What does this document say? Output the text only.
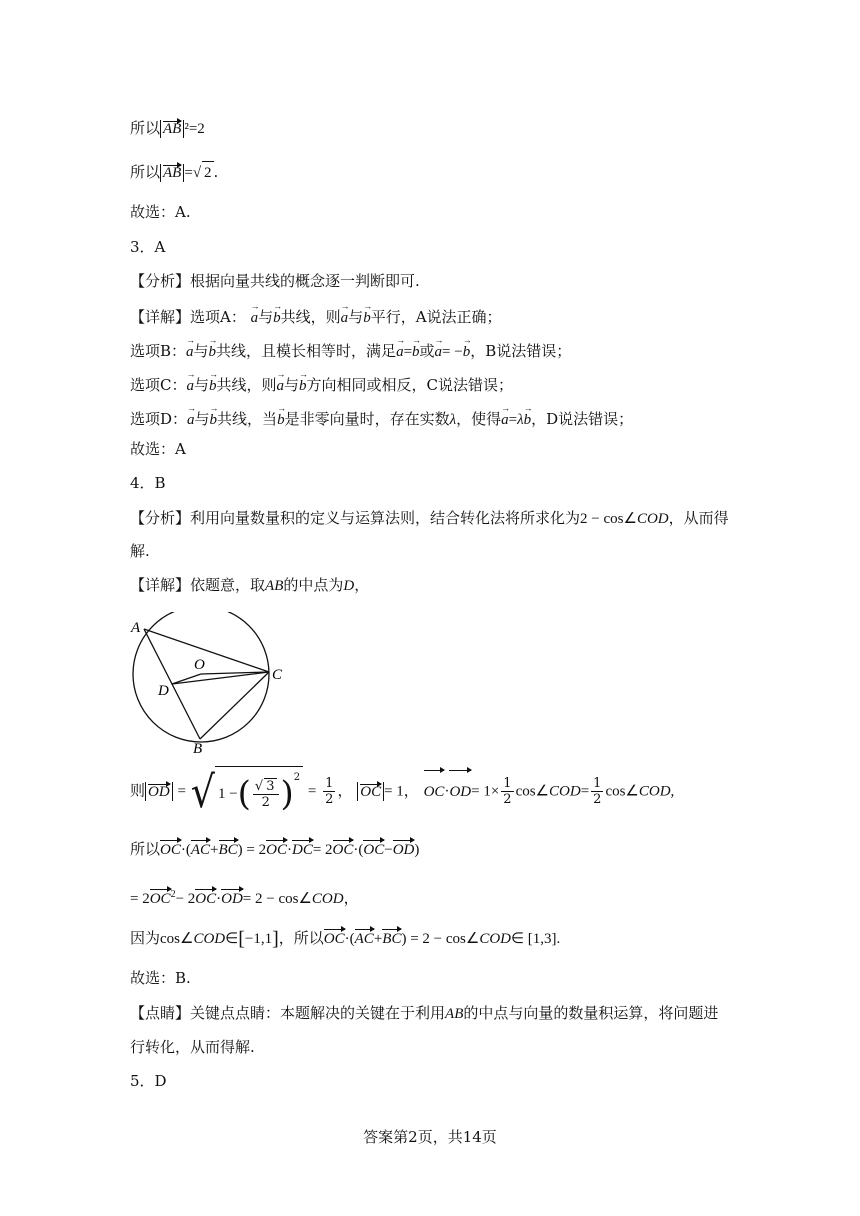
所以 AB ²=2
所以 AB =√ 2 .
故选：A.
3．A
【分析】根据向量共线的概念逐一判断即可.
【详解】选项A： → a与→ b共线，则→ a与→ b平行，A说法正确；
选项B：→ a与→ b共线，且模长相等时，满足→ a=→ b或→ a= −→ b，B说法错误；
选项C：→ a与→ b共线，则→ a与→ b方向相同或相反，C说法错误；
选项D：→ a与→ b共线，当→ b是非零向量时，存在实数λ，使得→ a=λ→ b，D说法错误；
故选：A
4．B
【分析】利用向量数量积的定义与运算法则，结合转化法将所求化为2 − cos∠COD，从而得
解.
【详解】依题意，取AB的中点为D，
A
O
C
D
B
则 OD = √ 1 − ( $\frac{√ 3}{2} )^2$
= $\frac{1}{2}$ ， OC = 1， $OC\cdot OD= 1\times \frac{1}{2}$ cos∠COD= $\frac{1}{2}$ cos∠COD,
所以OC·(AC+BC) = 2OC·DC= 2OC·(OC−OD)
= $2OC^2- 2OC\cdot OD= 2$ − cos∠COD，
因为cos∠COD∈[−1,1]，所以OC·(AC+BC) = 2 − cos∠COD∈ [1,3].
故选：B.
【点睛】关键点点睛：本题解决的关键在于利用AB的中点与向量的数量积运算，将问题进
行转化，从而得解.
5．D
答案第2页，共14页
